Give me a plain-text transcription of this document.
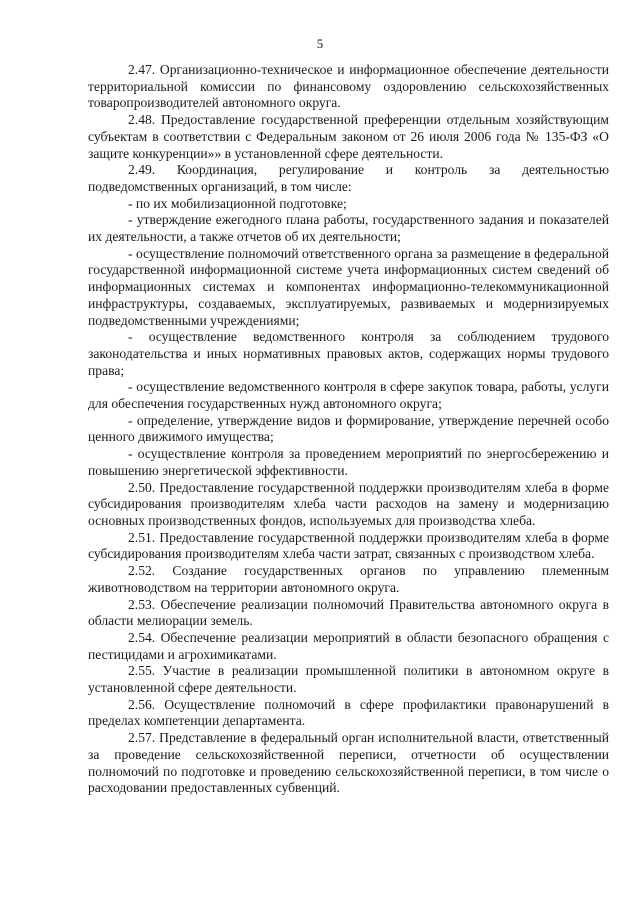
5

2.47. Организационно-техническое и информационное обеспечение деятельности территориальной комиссии по финансовому оздоровлению сельскохозяйственных товаропроизводителей автономного округа.

2.48. Предоставление государственной преференции отдельным хозяйствующим субъектам в соответствии с Федеральным законом от 26 июля 2006 года № 135-ФЗ «О защите конкуренции»» в установленной сфере деятельности.

2.49. Координация, регулирование и контроль за деятельностью подведомственных организаций, в том числе:

- по их мобилизационной подготовке;

- утверждение ежегодного плана работы, государственного задания и показателей их деятельности, а также отчетов об их деятельности;

- осуществление полномочий ответственного органа за размещение в федеральной государственной информационной системе учета информационных систем сведений об информационных системах и компонентах информационно-телекоммуникационной инфраструктуры, создаваемых, эксплуатируемых, развиваемых и модернизируемых подведомственными учреждениями;

- осуществление ведомственного контроля за соблюдением трудового законодательства и иных нормативных правовых актов, содержащих нормы трудового права;

- осуществление ведомственного контроля в сфере закупок товара, работы, услуги для обеспечения государственных нужд автономного округа;

- определение, утверждение видов и формирование, утверждение перечней особо ценного движимого имущества;

- осуществление контроля за проведением мероприятий по энергосбережению и повышению энергетической эффективности.

2.50. Предоставление государственной поддержки производителям хлеба в форме субсидирования производителям хлеба части расходов на замену и модернизацию основных производственных фондов, используемых для производства хлеба.

2.51. Предоставление государственной поддержки производителям хлеба в форме субсидирования производителям хлеба части затрат, связанных с производством хлеба.

2.52. Создание государственных органов по управлению племенным животноводством на территории автономного округа.

2.53. Обеспечение реализации полномочий Правительства автономного округа в области мелиорации земель.

2.54. Обеспечение реализации мероприятий в области безопасного обращения с пестицидами и агрохимикатами.

2.55. Участие в реализации промышленной политики в автономном округе в установленной сфере деятельности.

2.56. Осуществление полномочий в сфере профилактики правонарушений в пределах компетенции департамента.

2.57. Представление в федеральный орган исполнительной власти, ответственный за проведение сельскохозяйственной переписи, отчетности об осуществлении полномочий по подготовке и проведению сельскохозяйственной переписи, в том числе о расходовании предоставленных субвенций.
